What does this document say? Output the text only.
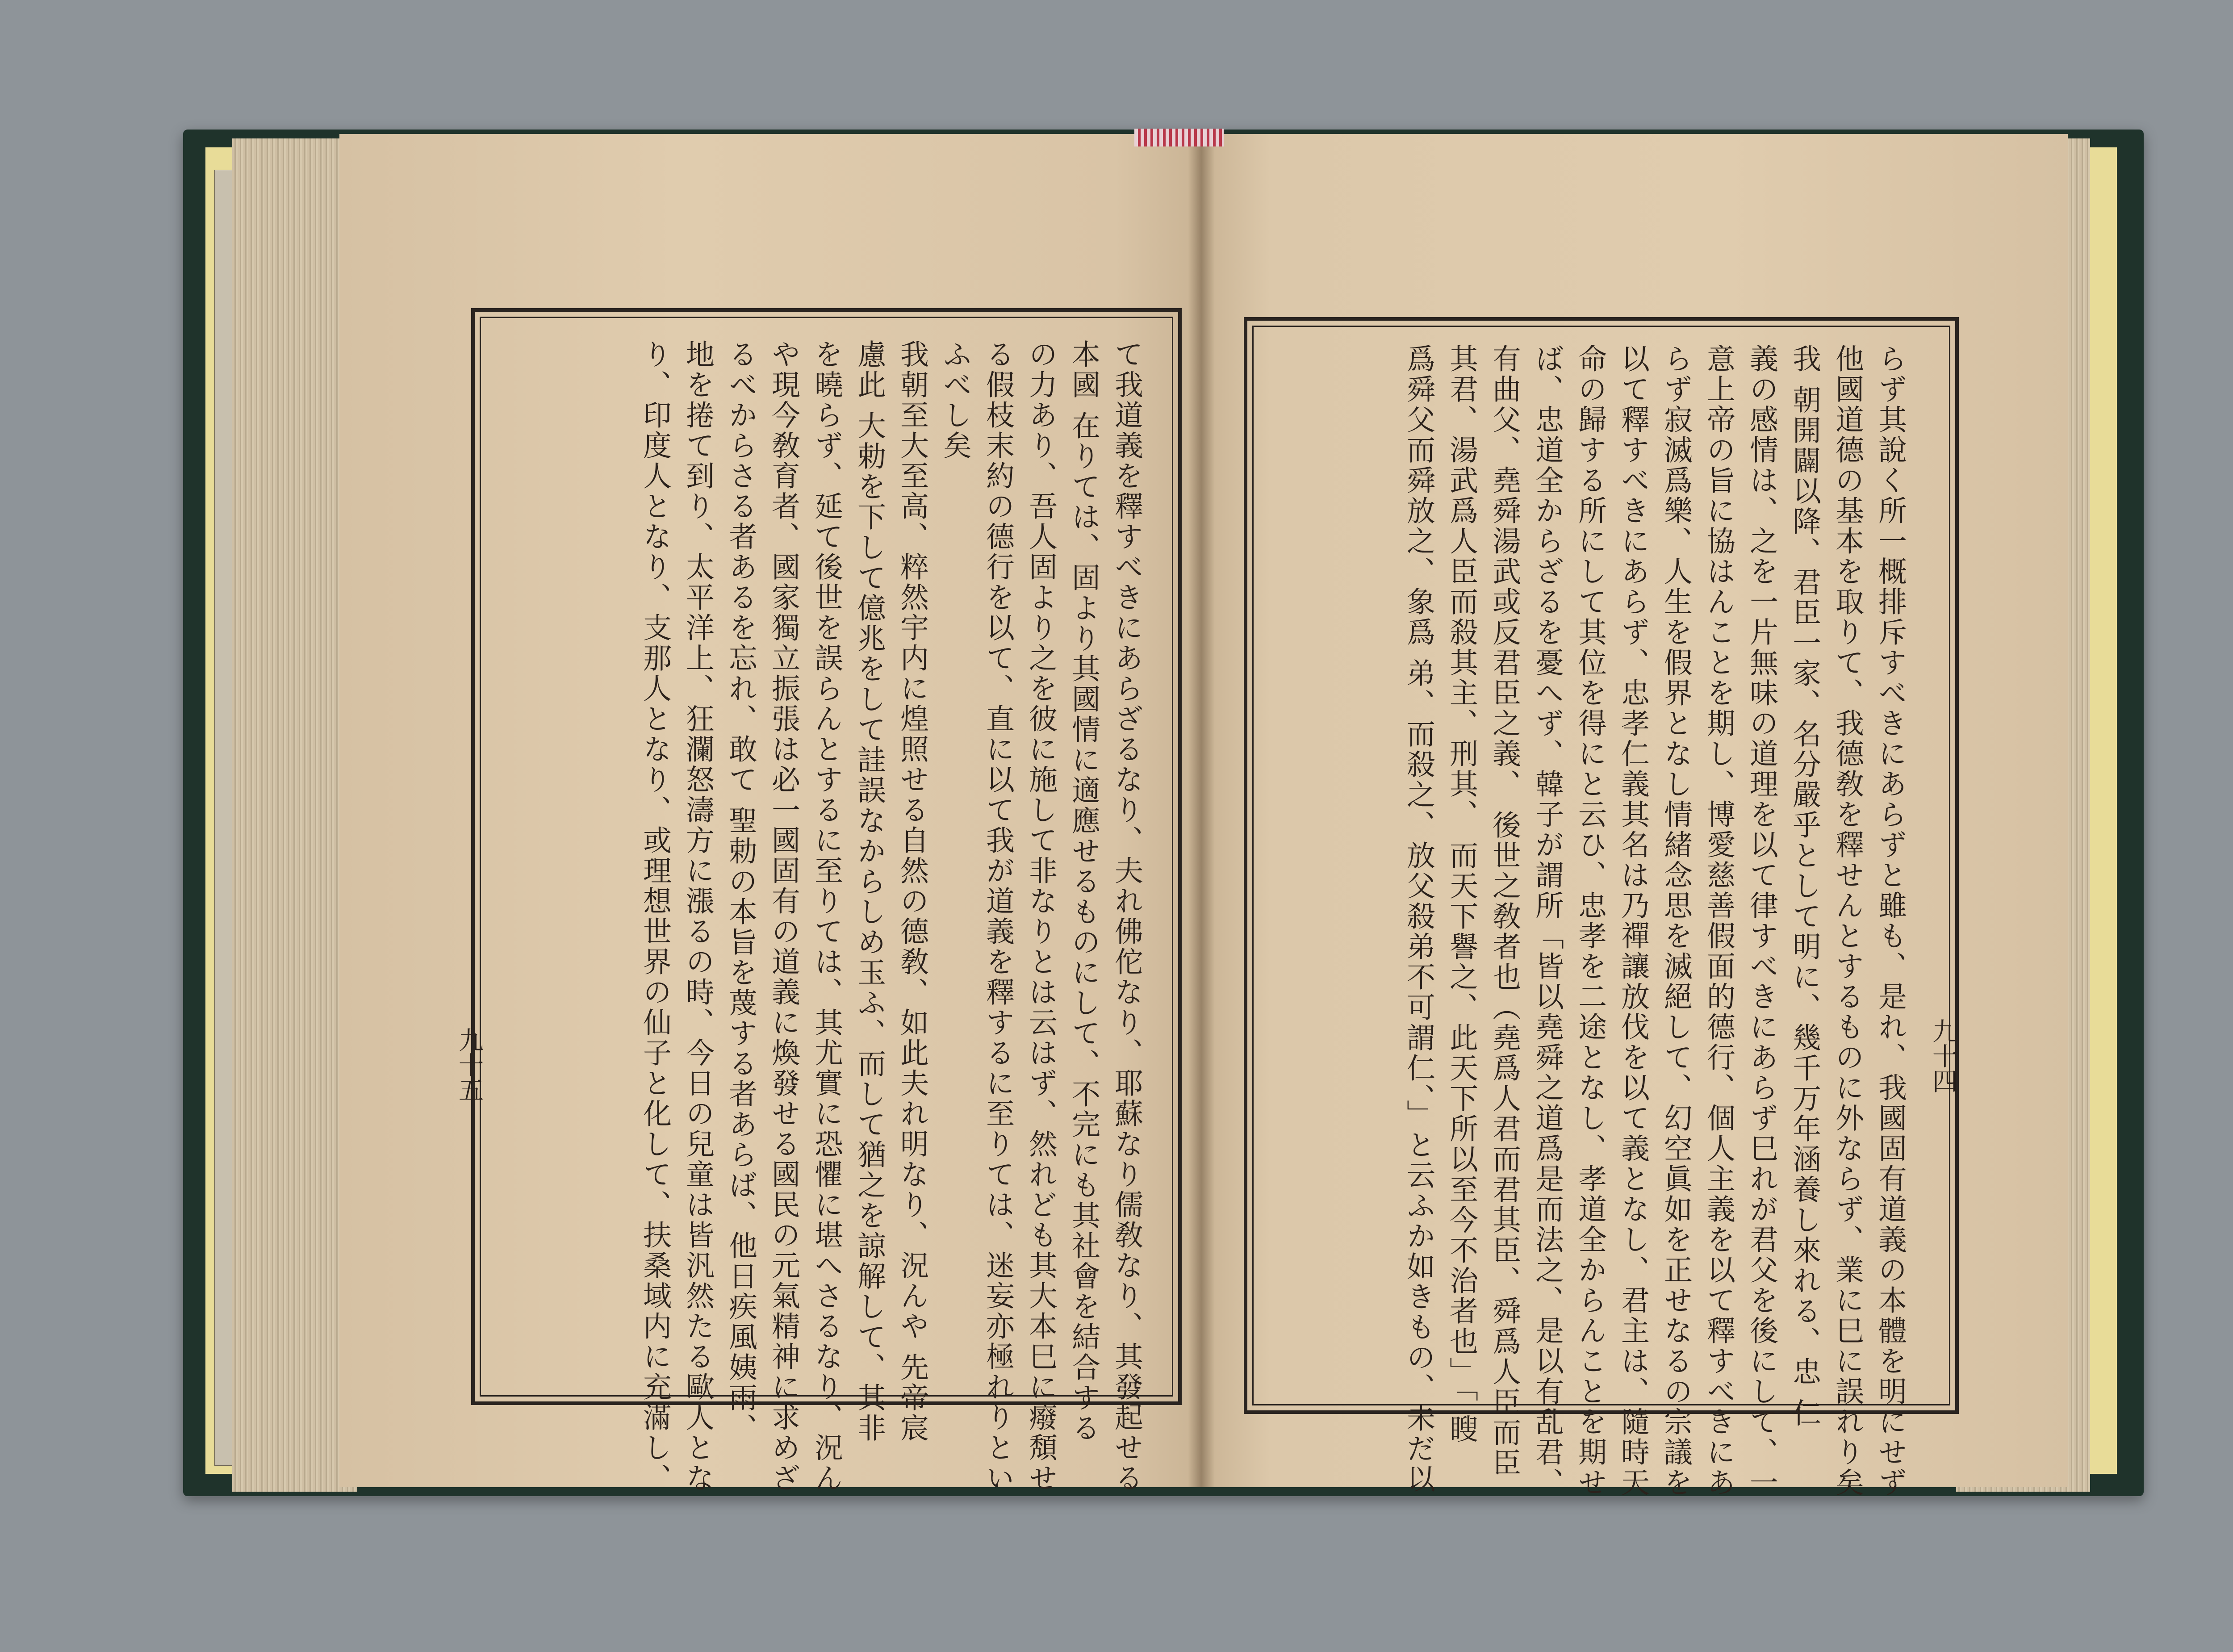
て我道義を釋すべきにあらざるなり、夫れ佛佗なり、耶蘇なり儒敎なり、其發起せる
本國 在りては、固より其國情に適應せるものにして、不完にも其社會を結合する
の力あり、吾人固より之を彼に施して非なりとは云はず、然れども其大本巳に癈頽せ
る假枝末約の德行を以て、直に以て我が道義を釋するに至りては、迷妄亦極れりとい
ふべし矣
我朝至大至高、粹然宇内に煌照せる自然の德敎、如此夫れ明なり、況んや 先帝宸
慮此 大勅を下して億兆をして詿誤なからしめ玉ふ、而して猶之を諒解して、其非
を曉らず、延て後世を誤らんとするに至りては、其尤實に恐懼に堪へさるなり、況ん
や現今敎育者、國家獨立振張は必一國固有の道義に煥發せる國民の元氣精神に求めざ
るべからさる者あるを忘れ、敢て 聖勅の本旨を蔑する者あらば、他日疾風姨雨、
地を捲て到り、太平洋上、狂瀾怒濤方に漲るの時、今日の兒童は皆汎然たる歐人とな
り、印度人となり、支那人となり、或理想世界の仙子と化して、扶桑域内に充滿し、	らず其說く所一概排斥すべきにあらずと雖も、是れ、我國固有道義の本體を明にせず
他國道德の基本を取りて、我德敎を釋せんとするものに外ならず、業に巳に誤れり矣
我 朝開闢以降、君臣一家、名分嚴乎として明に、幾千万年涵養し來れる、忠 仁
義の感情は、之を一片無味の道理を以て律すべきにあらず巳れが君父を後にして、一
意上帝の旨に協はんことを期し、博愛慈善假面的德行、個人主義を以て釋すべきにあ
らず寂滅爲樂、人生を假界となし情緒念思を滅絕して、幻空眞如を正せなるの宗議を
以て釋すべきにあらず、忠孝仁義其名は乃禪讓放伐を以て義となし、君主は、隨時天
命の歸する所にして其位を得にと云ひ、忠孝を二途となし、孝道全からんことを期せ
ば、忠道全からざるを憂へず、韓子が謂所「皆以堯舜之道爲是而法之、是以有乱君、
有曲父、堯舜湯武或反君臣之義、 後世之敎者也（堯爲人君而君其臣、舜爲人臣而臣
其君、湯武爲人臣而殺其主、刑其、 而天下譽之、此天下所以至今不治者也」「 瞍
爲舜父而舜放之、象爲 弟、而殺之、放父殺弟不可謂仁、」と云ふか如きもの、未だ以
九十五	九十四
